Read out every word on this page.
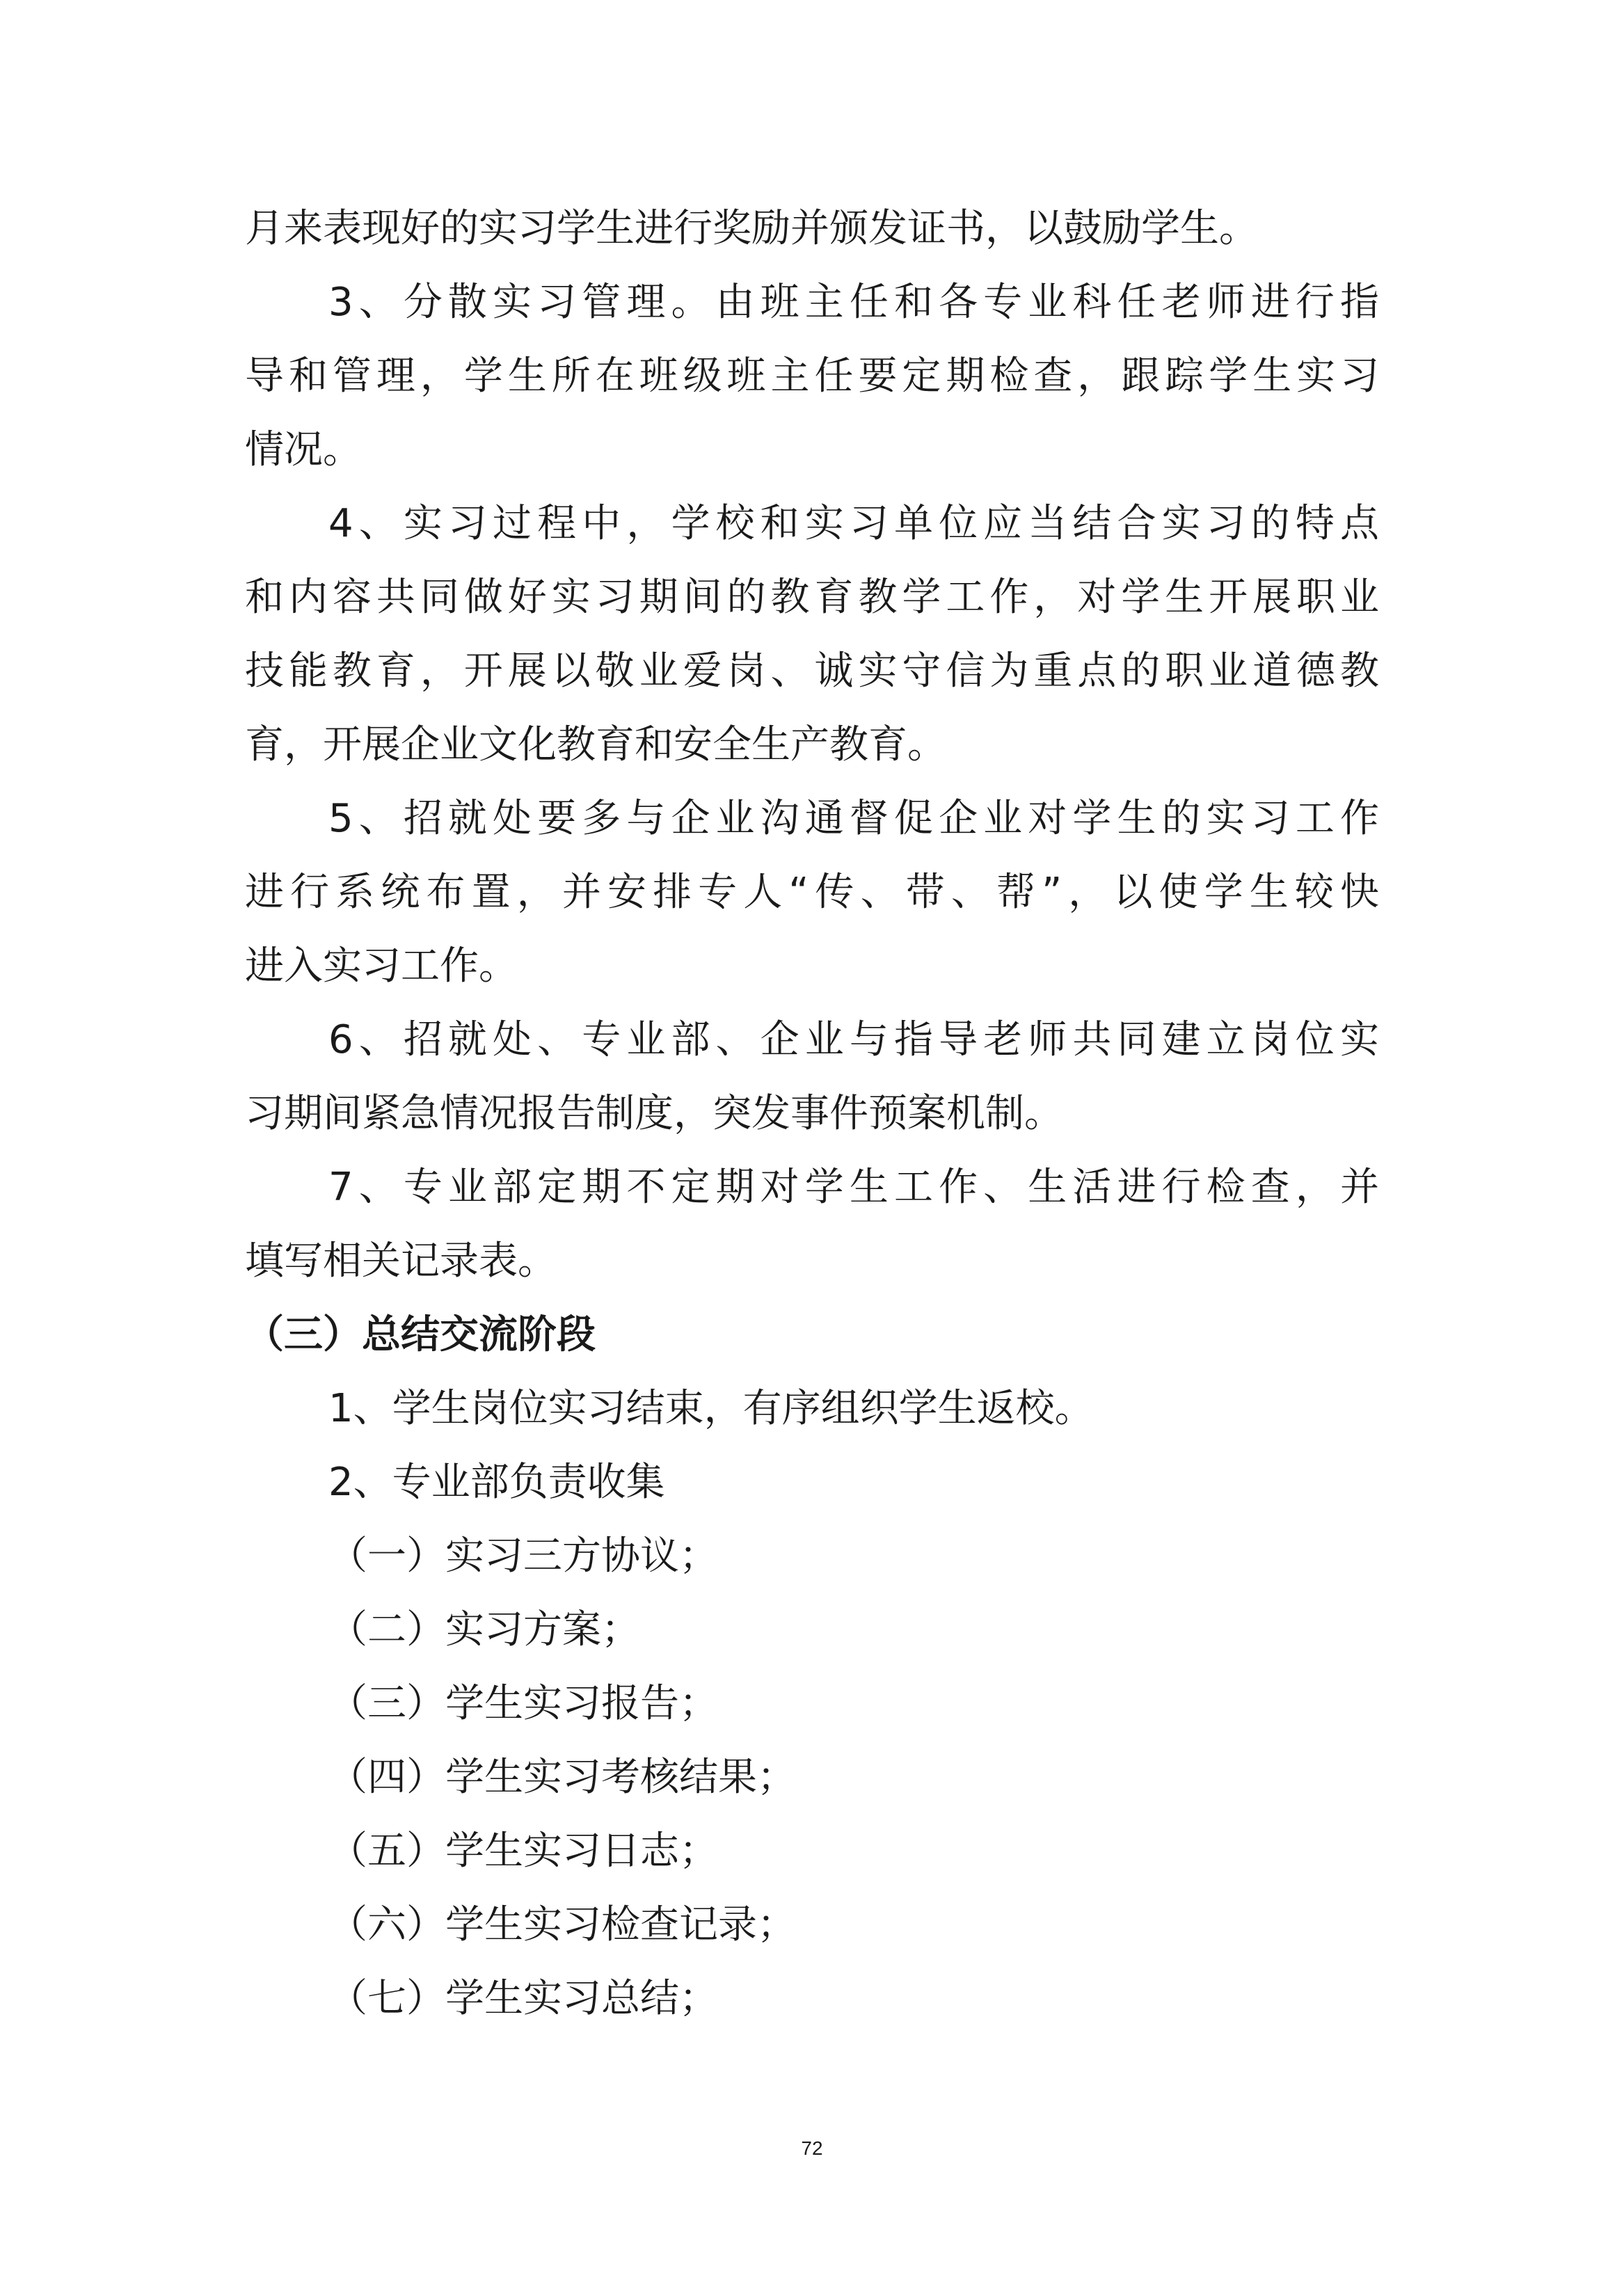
月来表现好的实习学生进行奖励并颁发证书，以鼓励学生。
3、分散实习管理。由班主任和各专业科任老师进行指
导和管理，学生所在班级班主任要定期检查，跟踪学生实习
情况。
4、实习过程中，学校和实习单位应当结合实习的特点
和内容共同做好实习期间的教育教学工作，对学生开展职业
技能教育，开展以敬业爱岗、诚实守信为重点的职业道德教
育，开展企业文化教育和安全生产教育。
5、招就处要多与企业沟通督促企业对学生的实习工作
进行系统布置，并安排专人“传、带、帮”，以使学生较快
进入实习工作。
6、招就处、专业部、企业与指导老师共同建立岗位实
习期间紧急情况报告制度，突发事件预案机制。
7、专业部定期不定期对学生工作、生活进行检查，并
填写相关记录表。
（三）总结交流阶段
1、学生岗位实习结束，有序组织学生返校。
2、专业部负责收集
（一）实习三方协议；
（二）实习方案；
（三）学生实习报告；
（四）学生实习考核结果；
（五）学生实习日志；
（六）学生实习检查记录；
（七）学生实习总结；
72
